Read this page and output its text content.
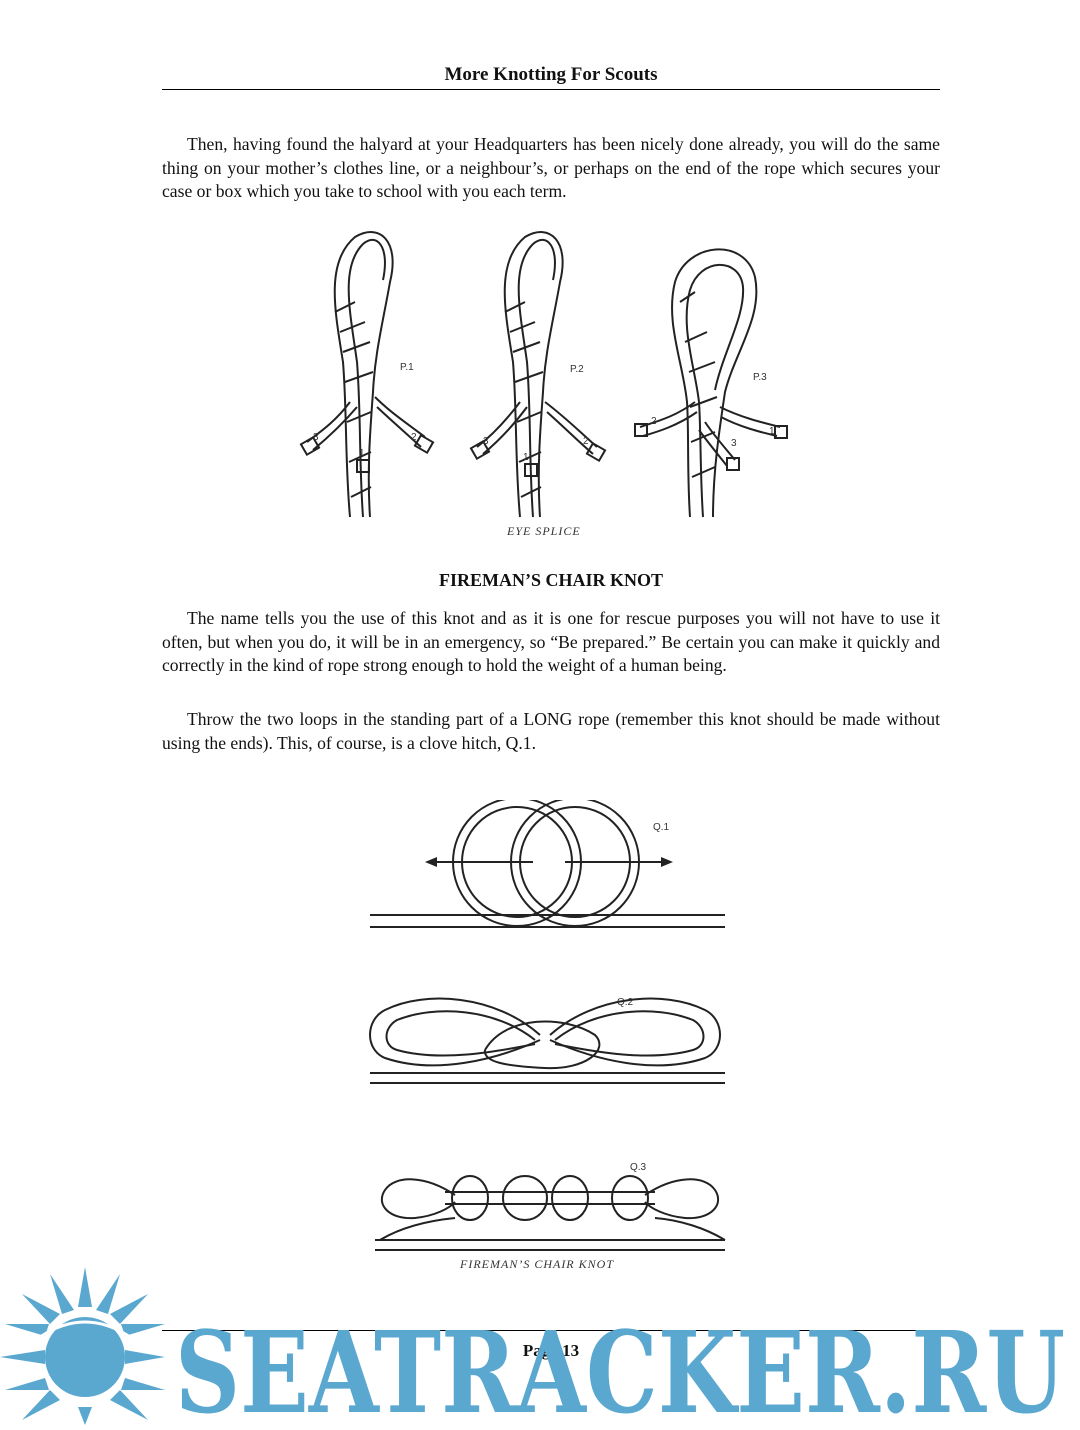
More Knotting For Scouts

Then, having found the halyard at your Headquarters has been nicely done already, you will do the same thing on your mother’s clothes line, or a neighbour’s, or perhaps on the end of the rope which secures your case or box which you take to school with you each term.

P.1
3	2
1
P.2
3	2
1
P.3
2
1
3
EYE SPLICE
FIREMAN’S CHAIR KNOT

The name tells you the use of this knot and as it is one for rescue purposes you will not have to use it often, but when you do, it will be in an emergency, so “Be prepared.” Be certain you can make it quickly and correctly in the kind of rope strong enough to hold the weight of a human being.

Throw the two loops in the standing part of a LONG rope (remember this knot should be made without using the ends). This, of course, is a clove hitch, Q.1.

Q.1
Q.2
Q.3
FIREMAN’S CHAIR KNOT
Page 13
SEATRACKER.RU
